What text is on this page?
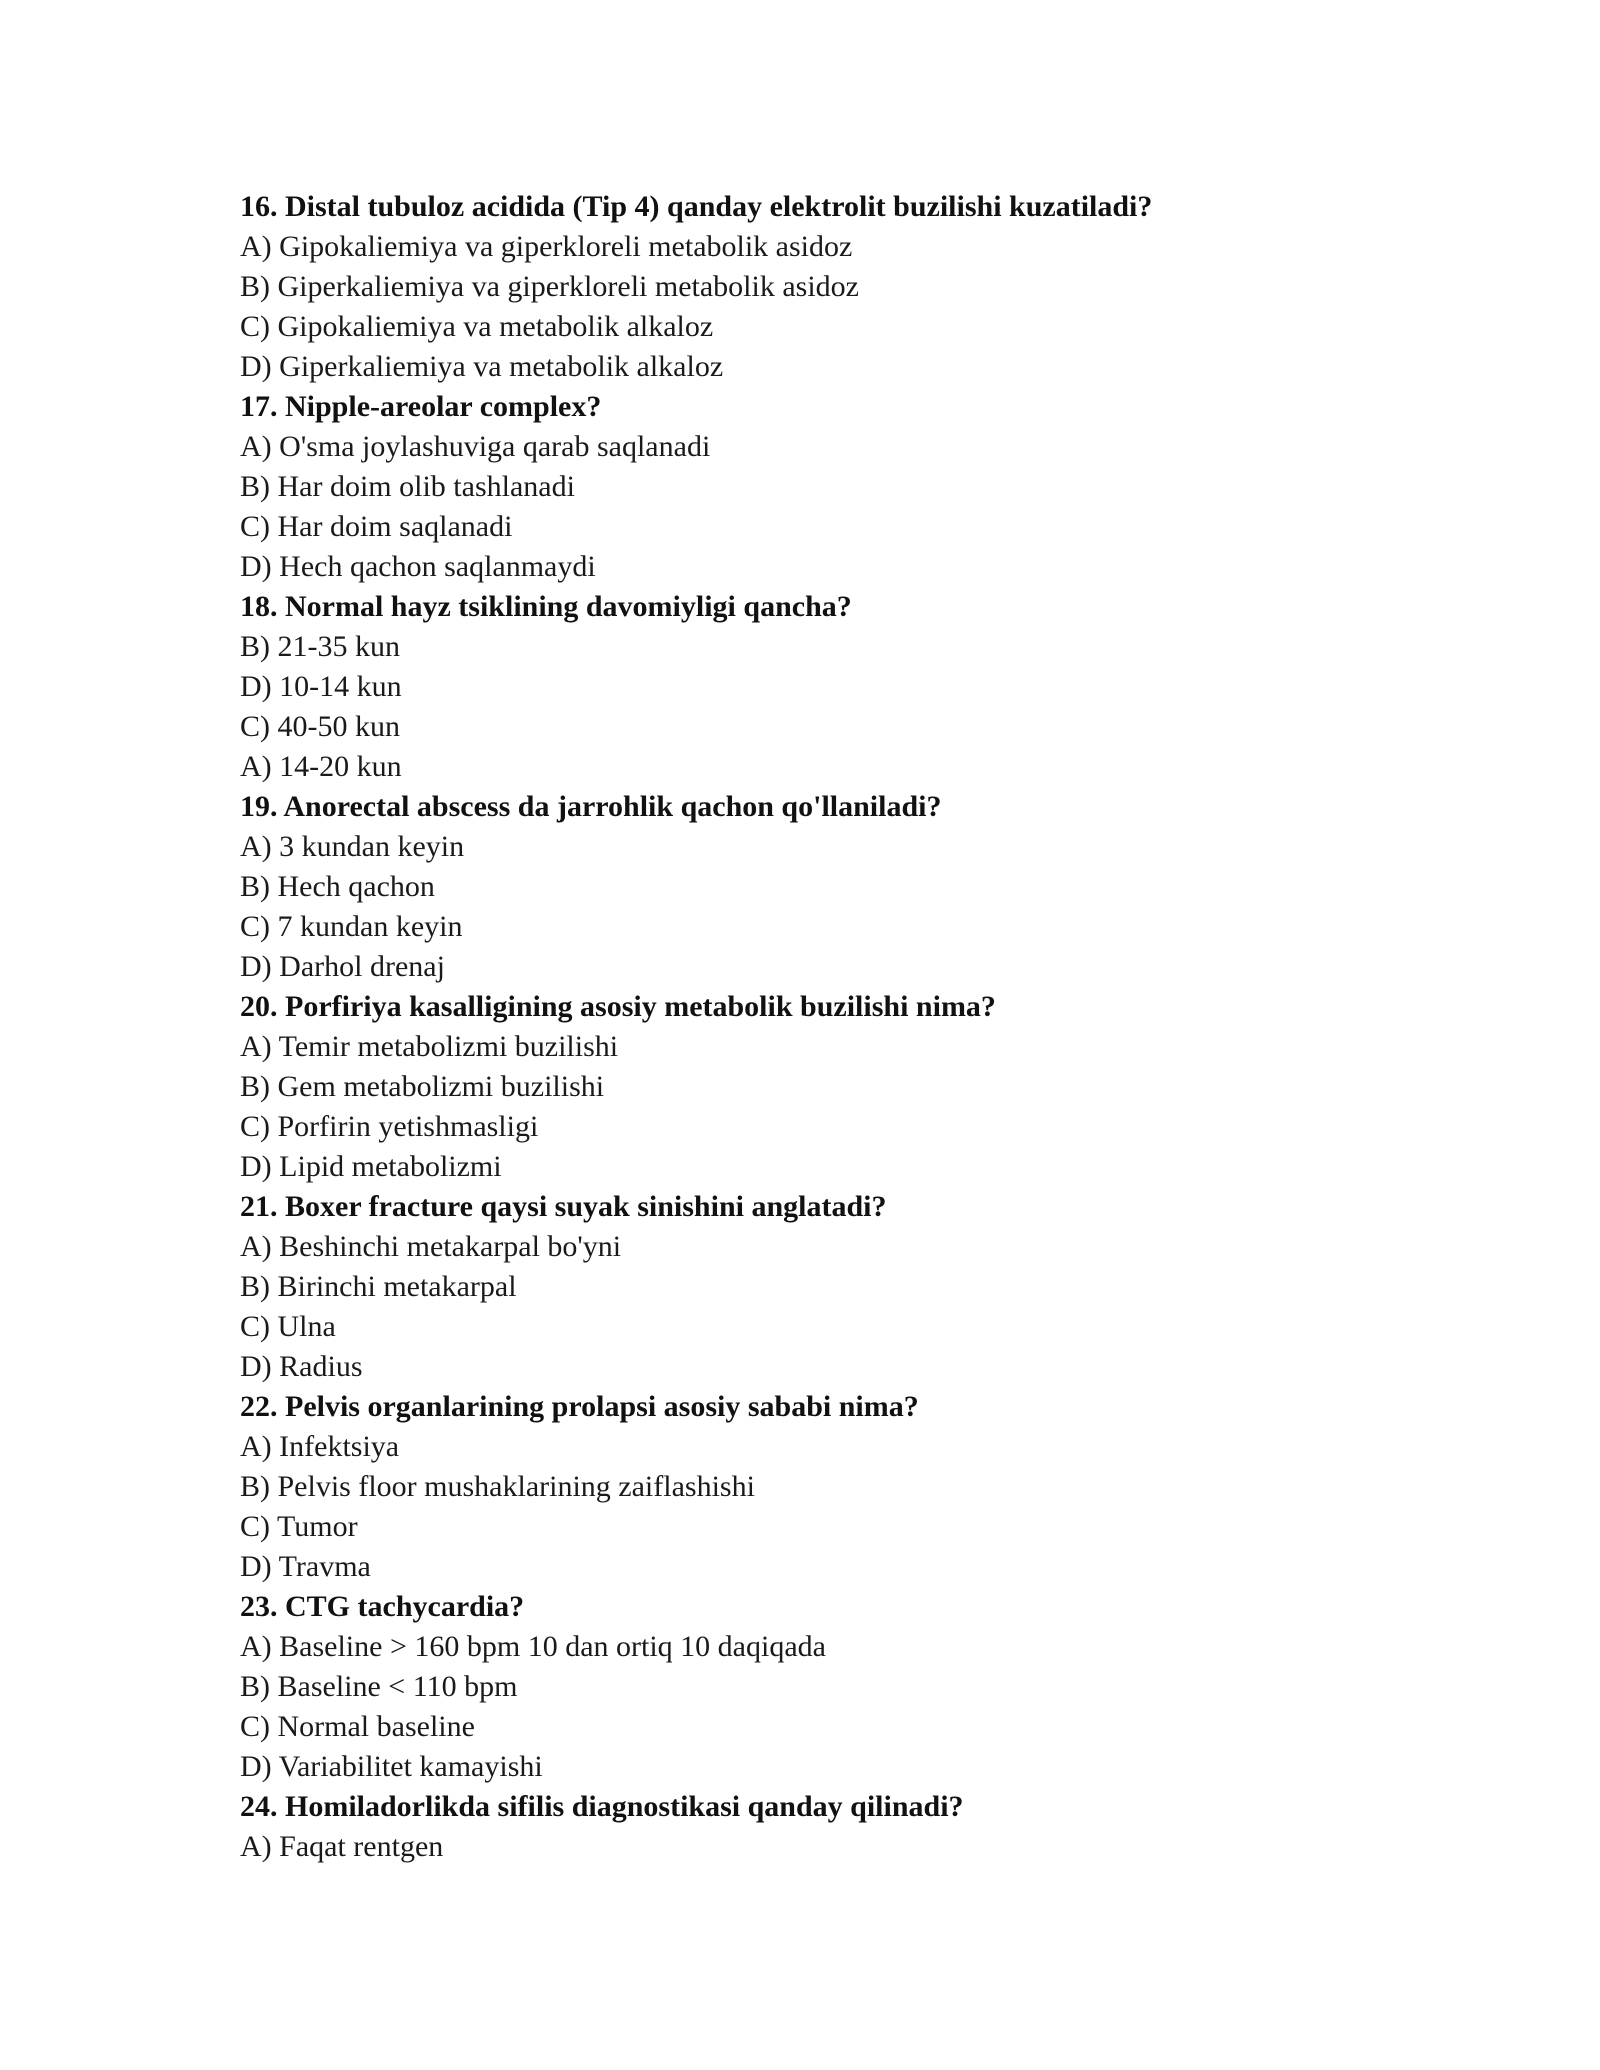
16. Distal tubuloz acidida (Tip 4) qanday elektrolit buzilishi kuzatiladi?
A) Gipokaliemiya va giperkloreli metabolik asidoz
B) Giperkaliemiya va giperkloreli metabolik asidoz
C) Gipokaliemiya va metabolik alkaloz
D) Giperkaliemiya va metabolik alkaloz
17. Nipple-areolar complex?
A) O'sma joylashuviga qarab saqlanadi
B) Har doim olib tashlanadi
C) Har doim saqlanadi
D) Hech qachon saqlanmaydi
18. Normal hayz tsiklining davomiyligi qancha?
B) 21-35 kun
D) 10-14 kun
C) 40-50 kun
A) 14-20 kun
19. Anorectal abscess da jarrohlik qachon qo'llaniladi?
A) 3 kundan keyin
B) Hech qachon
C) 7 kundan keyin
D) Darhol drenaj
20. Porfiriya kasalligining asosiy metabolik buzilishi nima?
A) Temir metabolizmi buzilishi
B) Gem metabolizmi buzilishi
C) Porfirin yetishmasligi
D) Lipid metabolizmi
21. Boxer fracture qaysi suyak sinishini anglatadi?
A) Beshinchi metakarpal bo'yni
B) Birinchi metakarpal
C) Ulna
D) Radius
22. Pelvis organlarining prolapsi asosiy sababi nima?
A) Infektsiya
B) Pelvis floor mushaklarining zaiflashishi
C) Tumor
D) Travma
23. CTG tachycardia?
A) Baseline > 160 bpm 10 dan ortiq 10 daqiqada
B) Baseline < 110 bpm
C) Normal baseline
D) Variabilitet kamayishi
24. Homiladorlikda sifilis diagnostikasi qanday qilinadi?
A) Faqat rentgen
